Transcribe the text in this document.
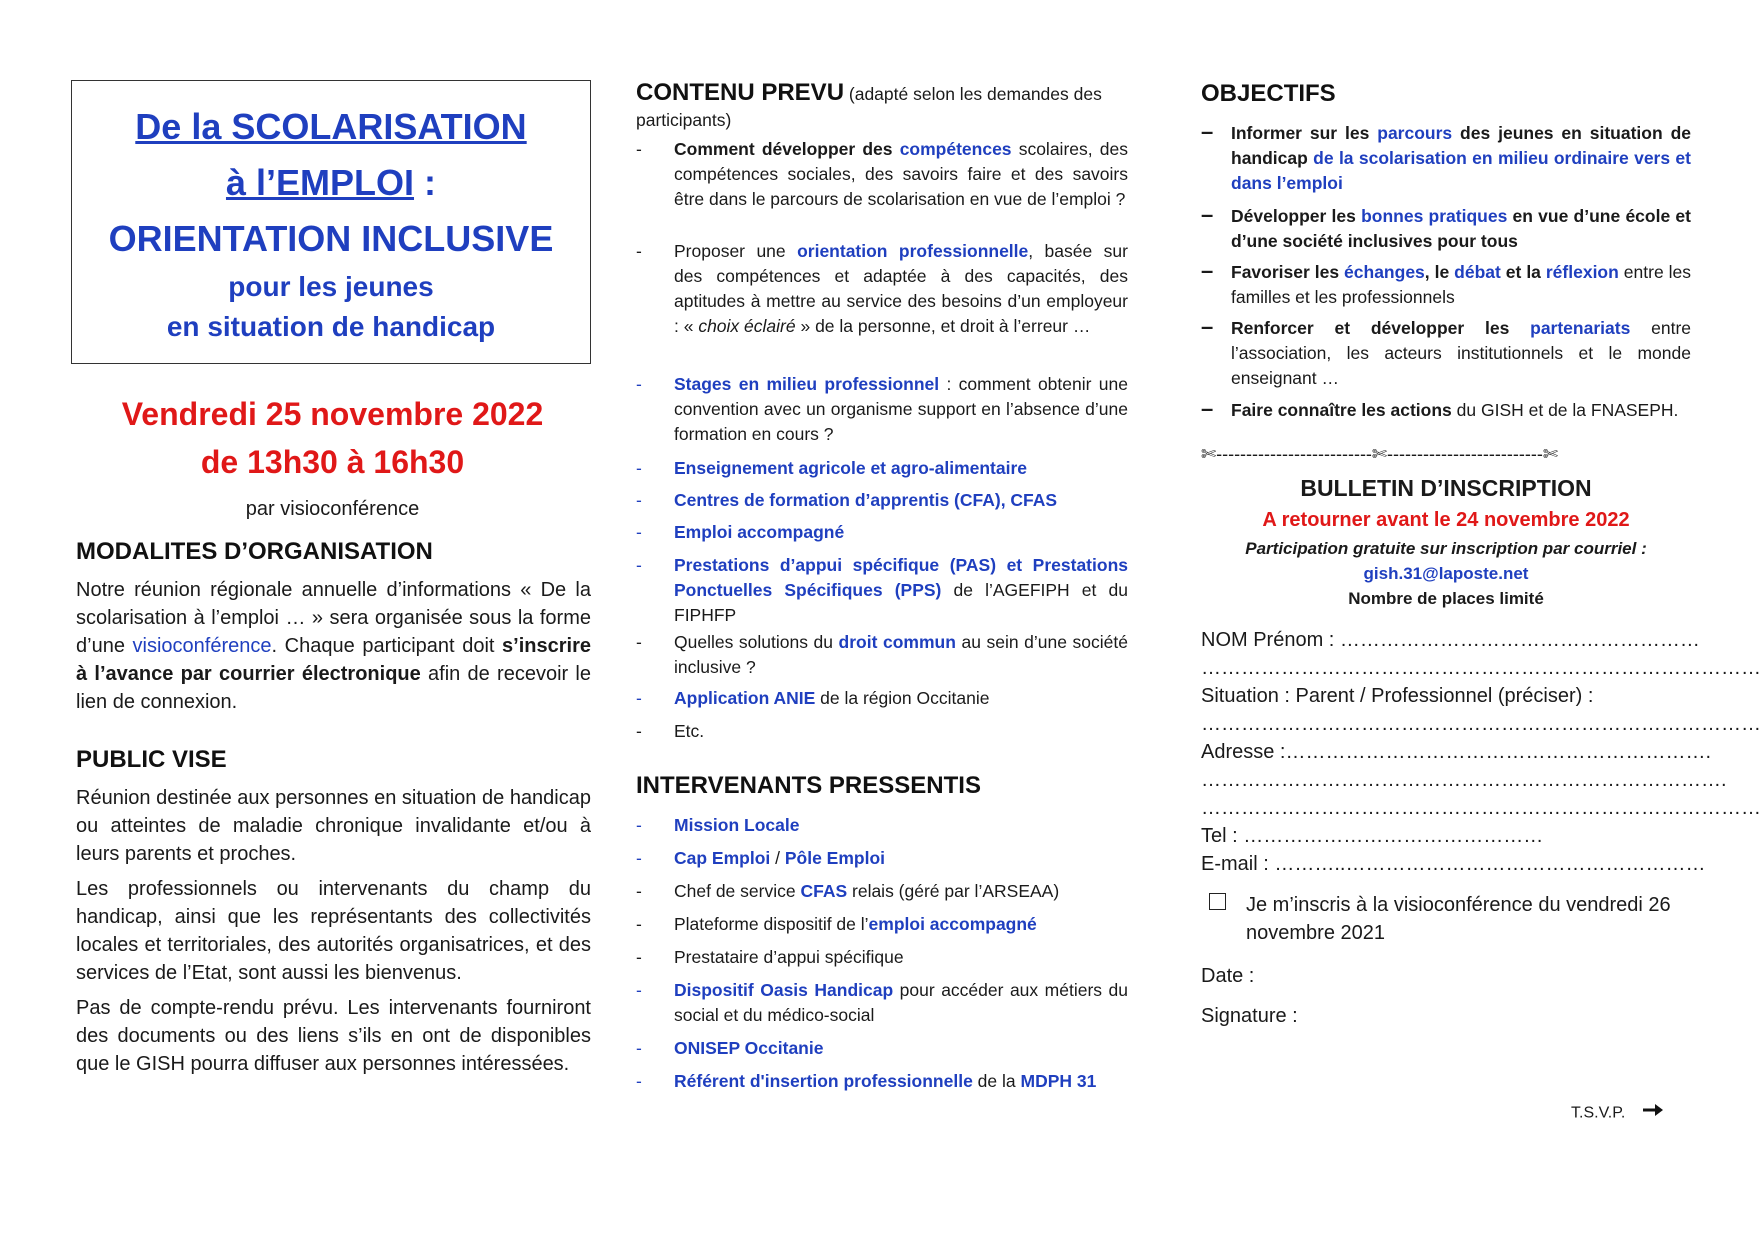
De la SCOLARISATION
à l’EMPLOI :
ORIENTATION INCLUSIVE
pour les jeunes
en situation de handicap
Vendredi 25 novembre 2022
de 13h30 à 16h30
par visioconférence
MODALITES D’ORGANISATION
Notre réunion régionale annuelle d’informations « De la scolarisation à l’emploi … » sera organisée sous la forme d’une visioconférence. Chaque participant doit s’inscrire à l’avance par courrier électronique afin de recevoir le lien de connexion.
PUBLIC VISE
Réunion destinée aux personnes en situation de handicap ou atteintes de maladie chronique invalidante et/ou à leurs parents et proches.
Les professionnels ou intervenants du champ du handicap, ainsi que les représentants des collectivités locales et territoriales, des autorités organisatrices, et des services de l’Etat, sont aussi les bienvenus.
Pas de compte-rendu prévu. Les intervenants fourniront des documents ou des liens s’ils en ont de disponibles que le GISH pourra diffuser aux personnes intéressées.
CONTENU PREVU (adapté selon les demandes des participants)
- Comment développer des compétences scolaires, des compétences sociales, des savoirs faire et des savoirs être dans le parcours de scolarisation en vue de l’emploi ?
- Proposer une orientation professionnelle, basée sur des compétences et adaptée à des capacités, des aptitudes à mettre au service des besoins d’un employeur : « choix éclairé » de la personne, et droit à l’erreur …
- Stages en milieu professionnel : comment obtenir une convention avec un organisme support en l’absence d’une formation en cours ?
- Enseignement agricole et agro-alimentaire
- Centres de formation d’apprentis (CFA), CFAS
- Emploi accompagné
- Prestations d’appui spécifique (PAS) et Prestations Ponctuelles Spécifiques (PPS) de l’AGEFIPH et du FIPHFP
- Quelles solutions du droit commun au sein d’une société inclusive ?
- Application ANIE de la région Occitanie
- Etc.
INTERVENANTS PRESSENTIS
- Mission Locale
- Cap Emploi / Pôle Emploi
- Chef de service CFAS relais (géré par l’ARSEAA)
- Plateforme dispositif de l’emploi accompagné
- Prestataire d’appui spécifique
- Dispositif Oasis Handicap pour accéder aux métiers du social et du médico-social
- ONISEP Occitanie
- Référent d'insertion professionnelle de la MDPH 31
OBJECTIFS
– Informer sur les parcours des jeunes en situation de handicap de la scolarisation en milieu ordinaire vers et dans l’emploi
– Développer les bonnes pratiques en vue d’une école et d’une société inclusives pour tous
– Favoriser les échanges, le débat et la réflexion entre les familles et les professionnels
– Renforcer et développer les partenariats entre l’association, les acteurs institutionnels et le monde enseignant …
– Faire connaître les actions du GISH et de la FNASEPH.
✄--------------------------✄--------------------------✄
BULLETIN D’INSCRIPTION
A retourner avant le 24 novembre 2022
Participation gratuite sur inscription par courriel :
gish.31@laposte.net
Nombre de places limité
NOM Prénom : ………………………………………………
…………………………………………………………………………
Situation : Parent / Professionnel (préciser) :
…………………………………………………………………………
Adresse :……………………………………………………….
…………………………………………………………………….
…………………………………………………………………………
Tel : ………………………………………
E-mail : ………..………………………………………………
Je m’inscris à la visioconférence du vendredi 26 novembre 2021
Date :
Signature :
T.S.V.P.
